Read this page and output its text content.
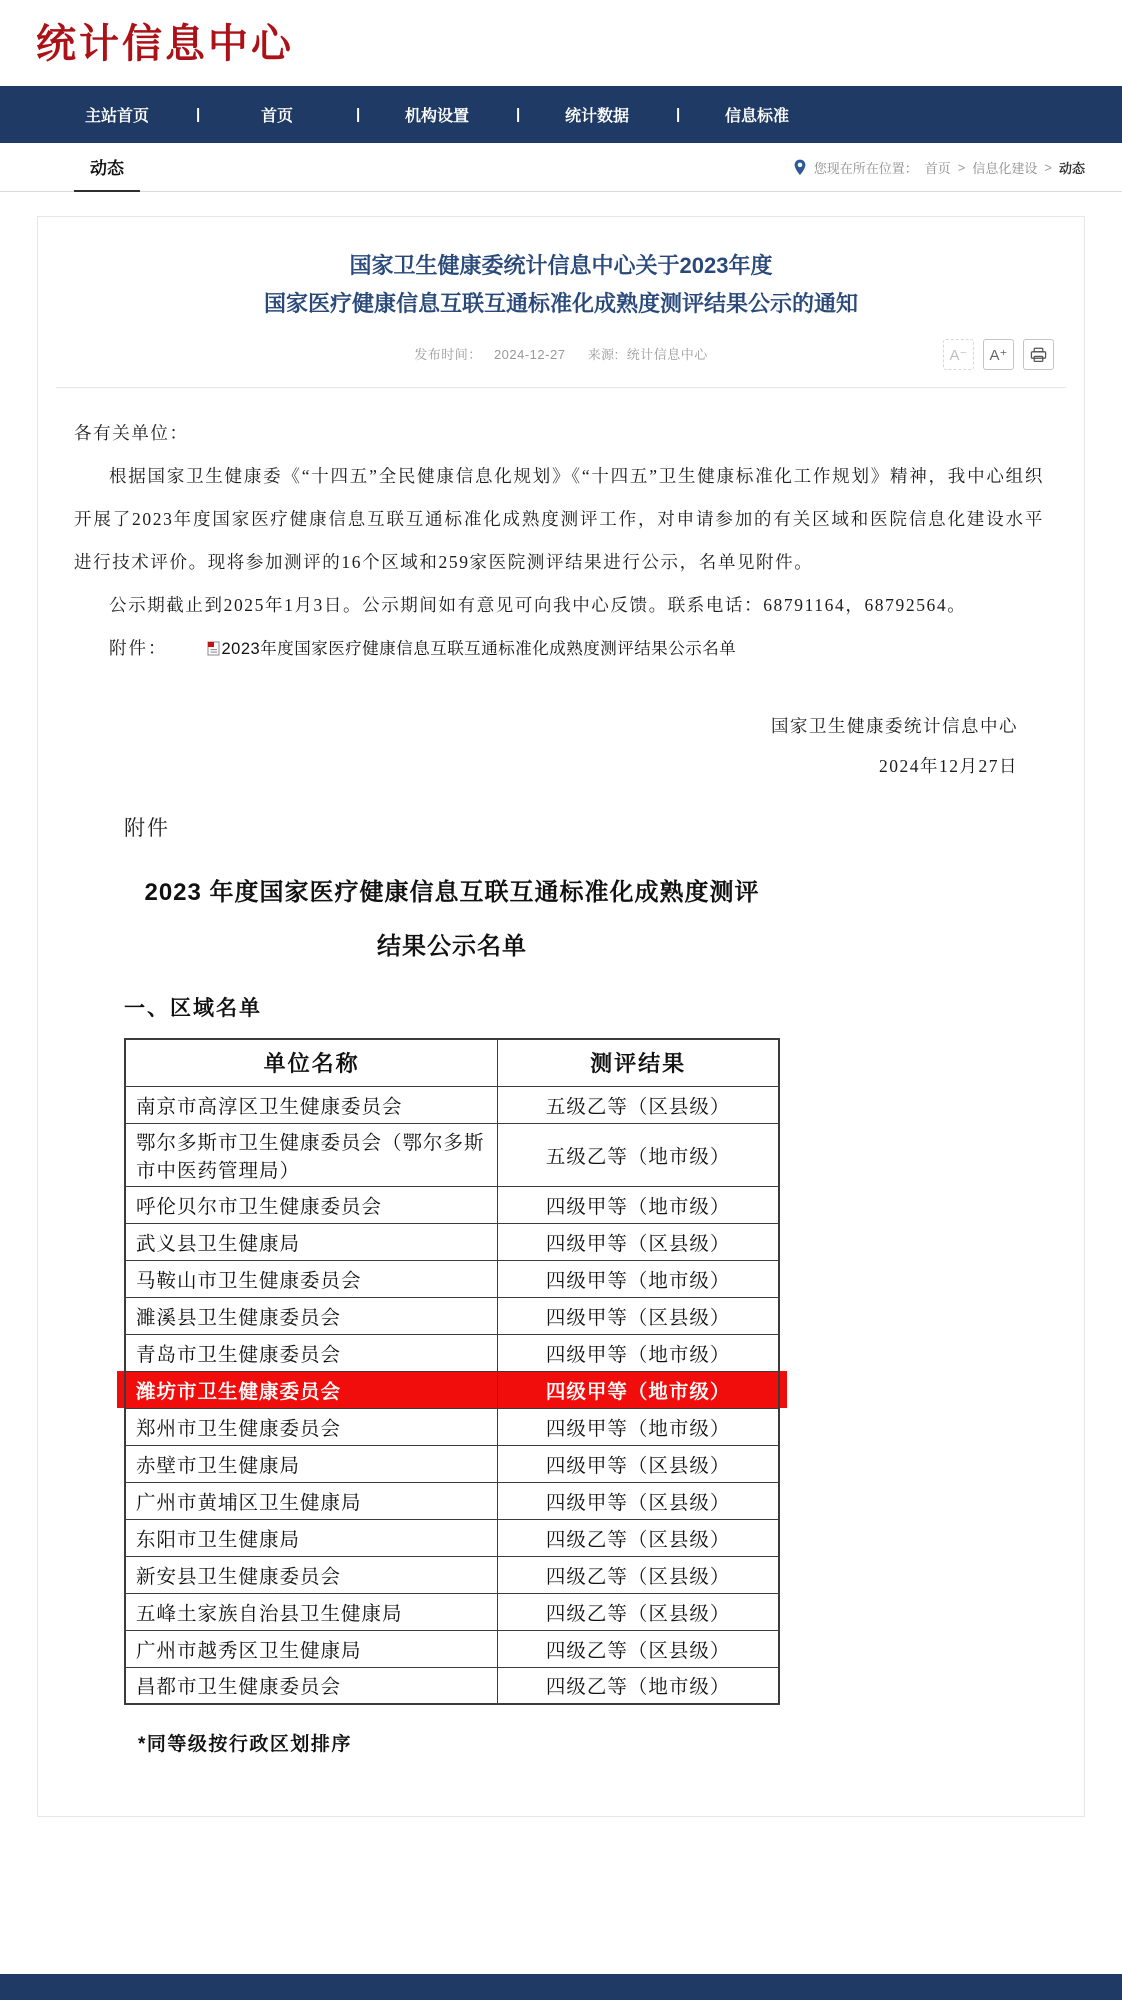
统计信息中心
主站首页	|	首页	|	机构设置	|	统计数据	|	信息标准
动态	您现在所在位置： 首页 > 信息化建设 > 动态
国家卫生健康委统计信息中心关于2023年度
国家医疗健康信息互联互通标准化成熟度测评结果公示的通知
发布时间： 2024-12-27 来源: 统计信息中心	A⁻	A⁺

各有关单位：

根据国家卫生健康委《“十四五”全民健康信息化规划》《“十四五”卫生健康标准化工作规划》精神，我中心组织开展了2023年度国家医疗健康信息互联互通标准化成熟度测评工作，对申请参加的有关区域和医院信息化建设水平进行技术评价。现将参加测评的16个区域和259家医院测评结果进行公示，名单见附件。

公示期截止到2025年1月3日。公示期间如有意见可向我中心反馈。联系电话：68791164，68792564。

附件：	2023年度国家医疗健康信息互联互通标准化成熟度测评结果公示名单

国家卫生健康委统计信息中心
2024年12月27日
附件
2023 年度国家医疗健康信息互联互通标准化成熟度测评
结果公示名单
一、区域名单
单位名称	测评结果
南京市高淳区卫生健康委员会	五级乙等（区县级）
鄂尔多斯市卫生健康委员会（鄂尔多斯市中医药管理局）	五级乙等（地市级）
呼伦贝尔市卫生健康委员会	四级甲等（地市级）
武义县卫生健康局	四级甲等（区县级）
马鞍山市卫生健康委员会	四级甲等（地市级）
濉溪县卫生健康委员会	四级甲等（区县级）
青岛市卫生健康委员会	四级甲等（地市级）
潍坊市卫生健康委员会	四级甲等（地市级）
郑州市卫生健康委员会	四级甲等（地市级）
赤壁市卫生健康局	四级甲等（区县级）
广州市黄埔区卫生健康局	四级甲等（区县级）
东阳市卫生健康局	四级乙等（区县级）
新安县卫生健康委员会	四级乙等（区县级）
五峰土家族自治县卫生健康局	四级乙等（区县级）
广州市越秀区卫生健康局	四级乙等（区县级）
昌都市卫生健康委员会	四级乙等（地市级）
*同等级按行政区划排序
